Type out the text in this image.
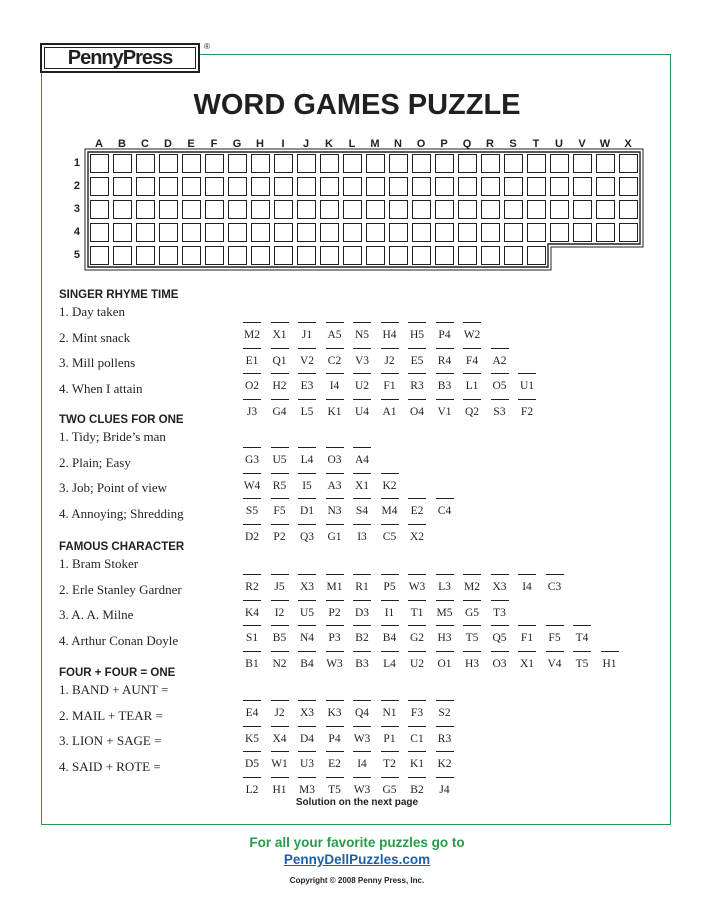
PennyPress	®
WORD GAMES PUZZLE
A	B	C	D	E	F	G	H	I	J	K	L	M	N	O	P	Q	R	S	T	U	V	W	X
1
2
3
4
5
SINGER RHYME TIME
1. Day taken
M2	X1	J1	A5	N5	H4	H5	P4	W2
2. Mint snack
E1	Q1	V2	C2	V3	J2	E5	R4	F4	A2
3. Mill pollens
O2	H2	E3	I4	U2	F1	R3	B3	L1	O5	U1
4. When I attain
J3	G4	L5	K1	U4	A1	O4	V1	Q2	S3	F2
TWO CLUES FOR ONE
1. Tidy; Bride’s man
G3	U5	L4	O3	A4
2. Plain; Easy
W4	R5	I5	A3	X1	K2
3. Job; Point of view
S5	F5	D1	N3	S4	M4	E2	C4
4. Annoying; Shredding
D2	P2	Q3	G1	I3	C5	X2
FAMOUS CHARACTER
1. Bram Stoker
R2	J5	X3	M1	R1	P5	W3	L3	M2	X3	I4	C3
2. Erle Stanley Gardner
K4	I2	U5	P2	D3	I1	T1	M5	G5	T3
3. A. A. Milne
S1	B5	N4	P3	B2	B4	G2	H3	T5	Q5	F1	F5	T4
4. Arthur Conan Doyle
B1	N2	B4	W3	B3	L4	U2	O1	H3	O3	X1	V4	T5	H1
FOUR + FOUR = ONE
1. BAND + AUNT =
E4	J2	X3	K3	Q4	N1	F3	S2
2. MAIL + TEAR =
K5	X4	D4	P4	W3	P1	C1	R3
3. LION + SAGE =
D5	W1	U3	E2	I4	T2	K1	K2
4. SAID + ROTE =
L2	H1	M3	T5	W3	G5	B2	J4
Solution on the next page
For all your favorite puzzles go to
PennyDellPuzzles.com
Copyright © 2008 Penny Press, Inc.
